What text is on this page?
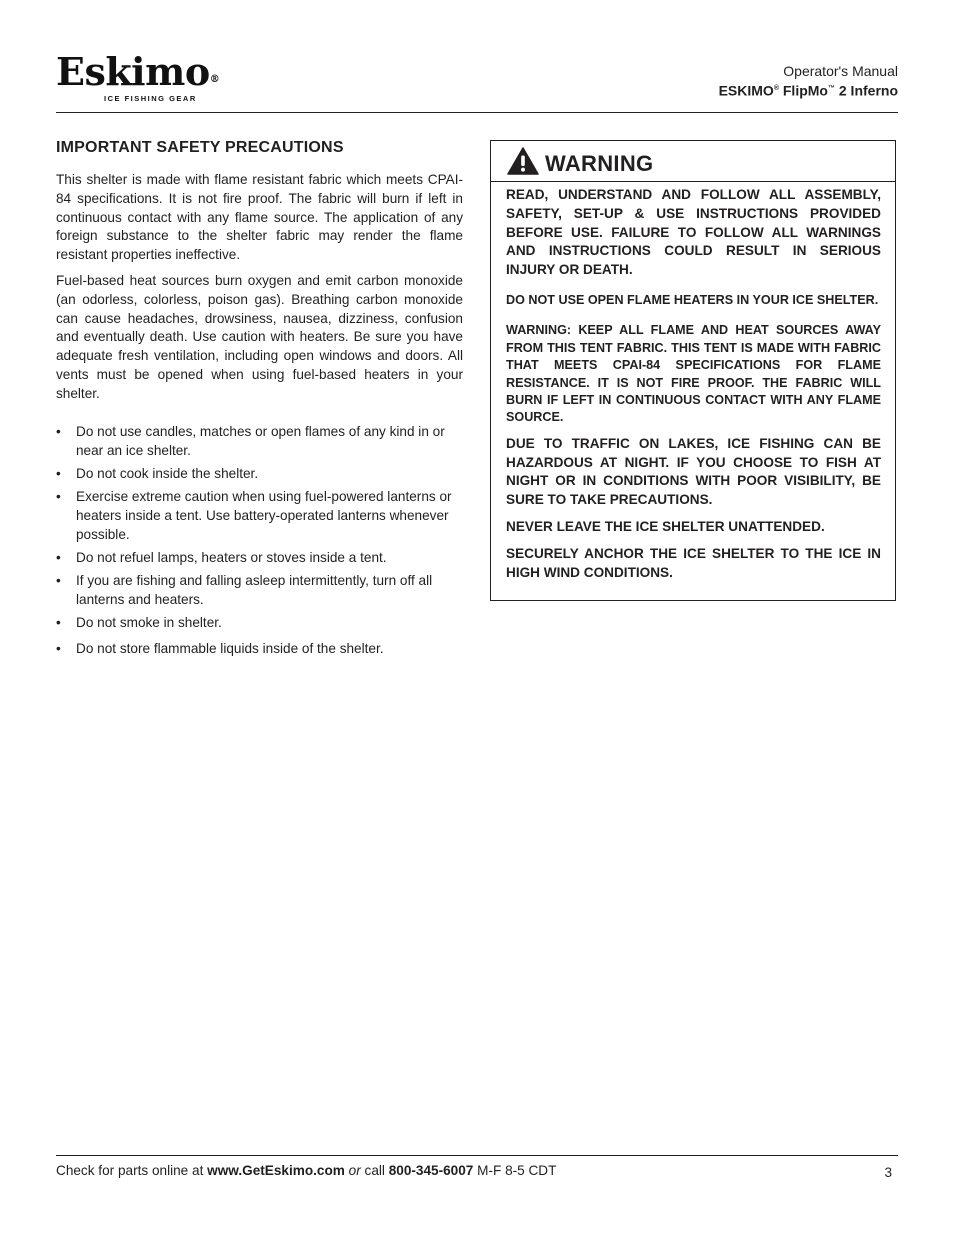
Eskimo®
ICE FISHING GEAR
Operator's Manual
ESKIMO® FlipMo™ 2 Inferno
IMPORTANT SAFETY PRECAUTIONS

This shelter is made with flame resistant fabric which meets CPAI-84 specifications. It is not fire proof. The fabric will burn if left in continuous contact with any flame source. The application of any foreign substance to the shelter fabric may render the flame resistant properties ineffective.

Fuel-based heat sources burn oxygen and emit carbon monoxide (an odorless, colorless, poison gas). Breathing carbon monoxide can cause headaches, drowsiness, nausea, dizziness, confusion and eventually death. Use caution with heaters. Be sure you have adequate fresh ventilation, including open windows and doors. All vents must be opened when using fuel-based heaters in your shelter.

• Do not use candles, matches or open flames of any kind in or near an ice shelter.
• Do not cook inside the shelter.
• Exercise extreme caution when using fuel-powered lanterns or heaters inside a tent. Use battery-operated lanterns whenever possible.
• Do not refuel lamps, heaters or stoves inside a tent.
• If you are fishing and falling asleep intermittently, turn off all lanterns and heaters.
• Do not smoke in shelter.
• Do not store flammable liquids inside of the shelter.
WARNING

READ, UNDERSTAND AND FOLLOW ALL ASSEMBLY, SAFETY, SET-UP & USE INSTRUCTIONS PROVIDED BEFORE USE. FAILURE TO FOLLOW ALL WARNINGS AND INSTRUCTIONS COULD RESULT IN SERIOUS INJURY OR DEATH.

DO NOT USE OPEN FLAME HEATERS IN YOUR ICE SHELTER.

WARNING: KEEP ALL FLAME AND HEAT SOURCES AWAY FROM THIS TENT FABRIC. THIS TENT IS MADE WITH FABRIC THAT MEETS CPAI-84 SPECIFICATIONS FOR FLAME RESISTANCE. IT IS NOT FIRE PROOF. THE FABRIC WILL BURN IF LEFT IN CONTINUOUS CONTACT WITH ANY FLAME SOURCE.

DUE TO TRAFFIC ON LAKES, ICE FISHING CAN BE HAZARDOUS AT NIGHT. IF YOU CHOOSE TO FISH AT NIGHT OR IN CONDITIONS WITH POOR VISIBILITY, BE SURE TO TAKE PRECAUTIONS.

NEVER LEAVE THE ICE SHELTER UNATTENDED.

SECURELY ANCHOR THE ICE SHELTER TO THE ICE IN HIGH WIND CONDITIONS.

Check for parts online at www.GetEskimo.com or call 800-345-6007 M-F 8-5 CDT	3
